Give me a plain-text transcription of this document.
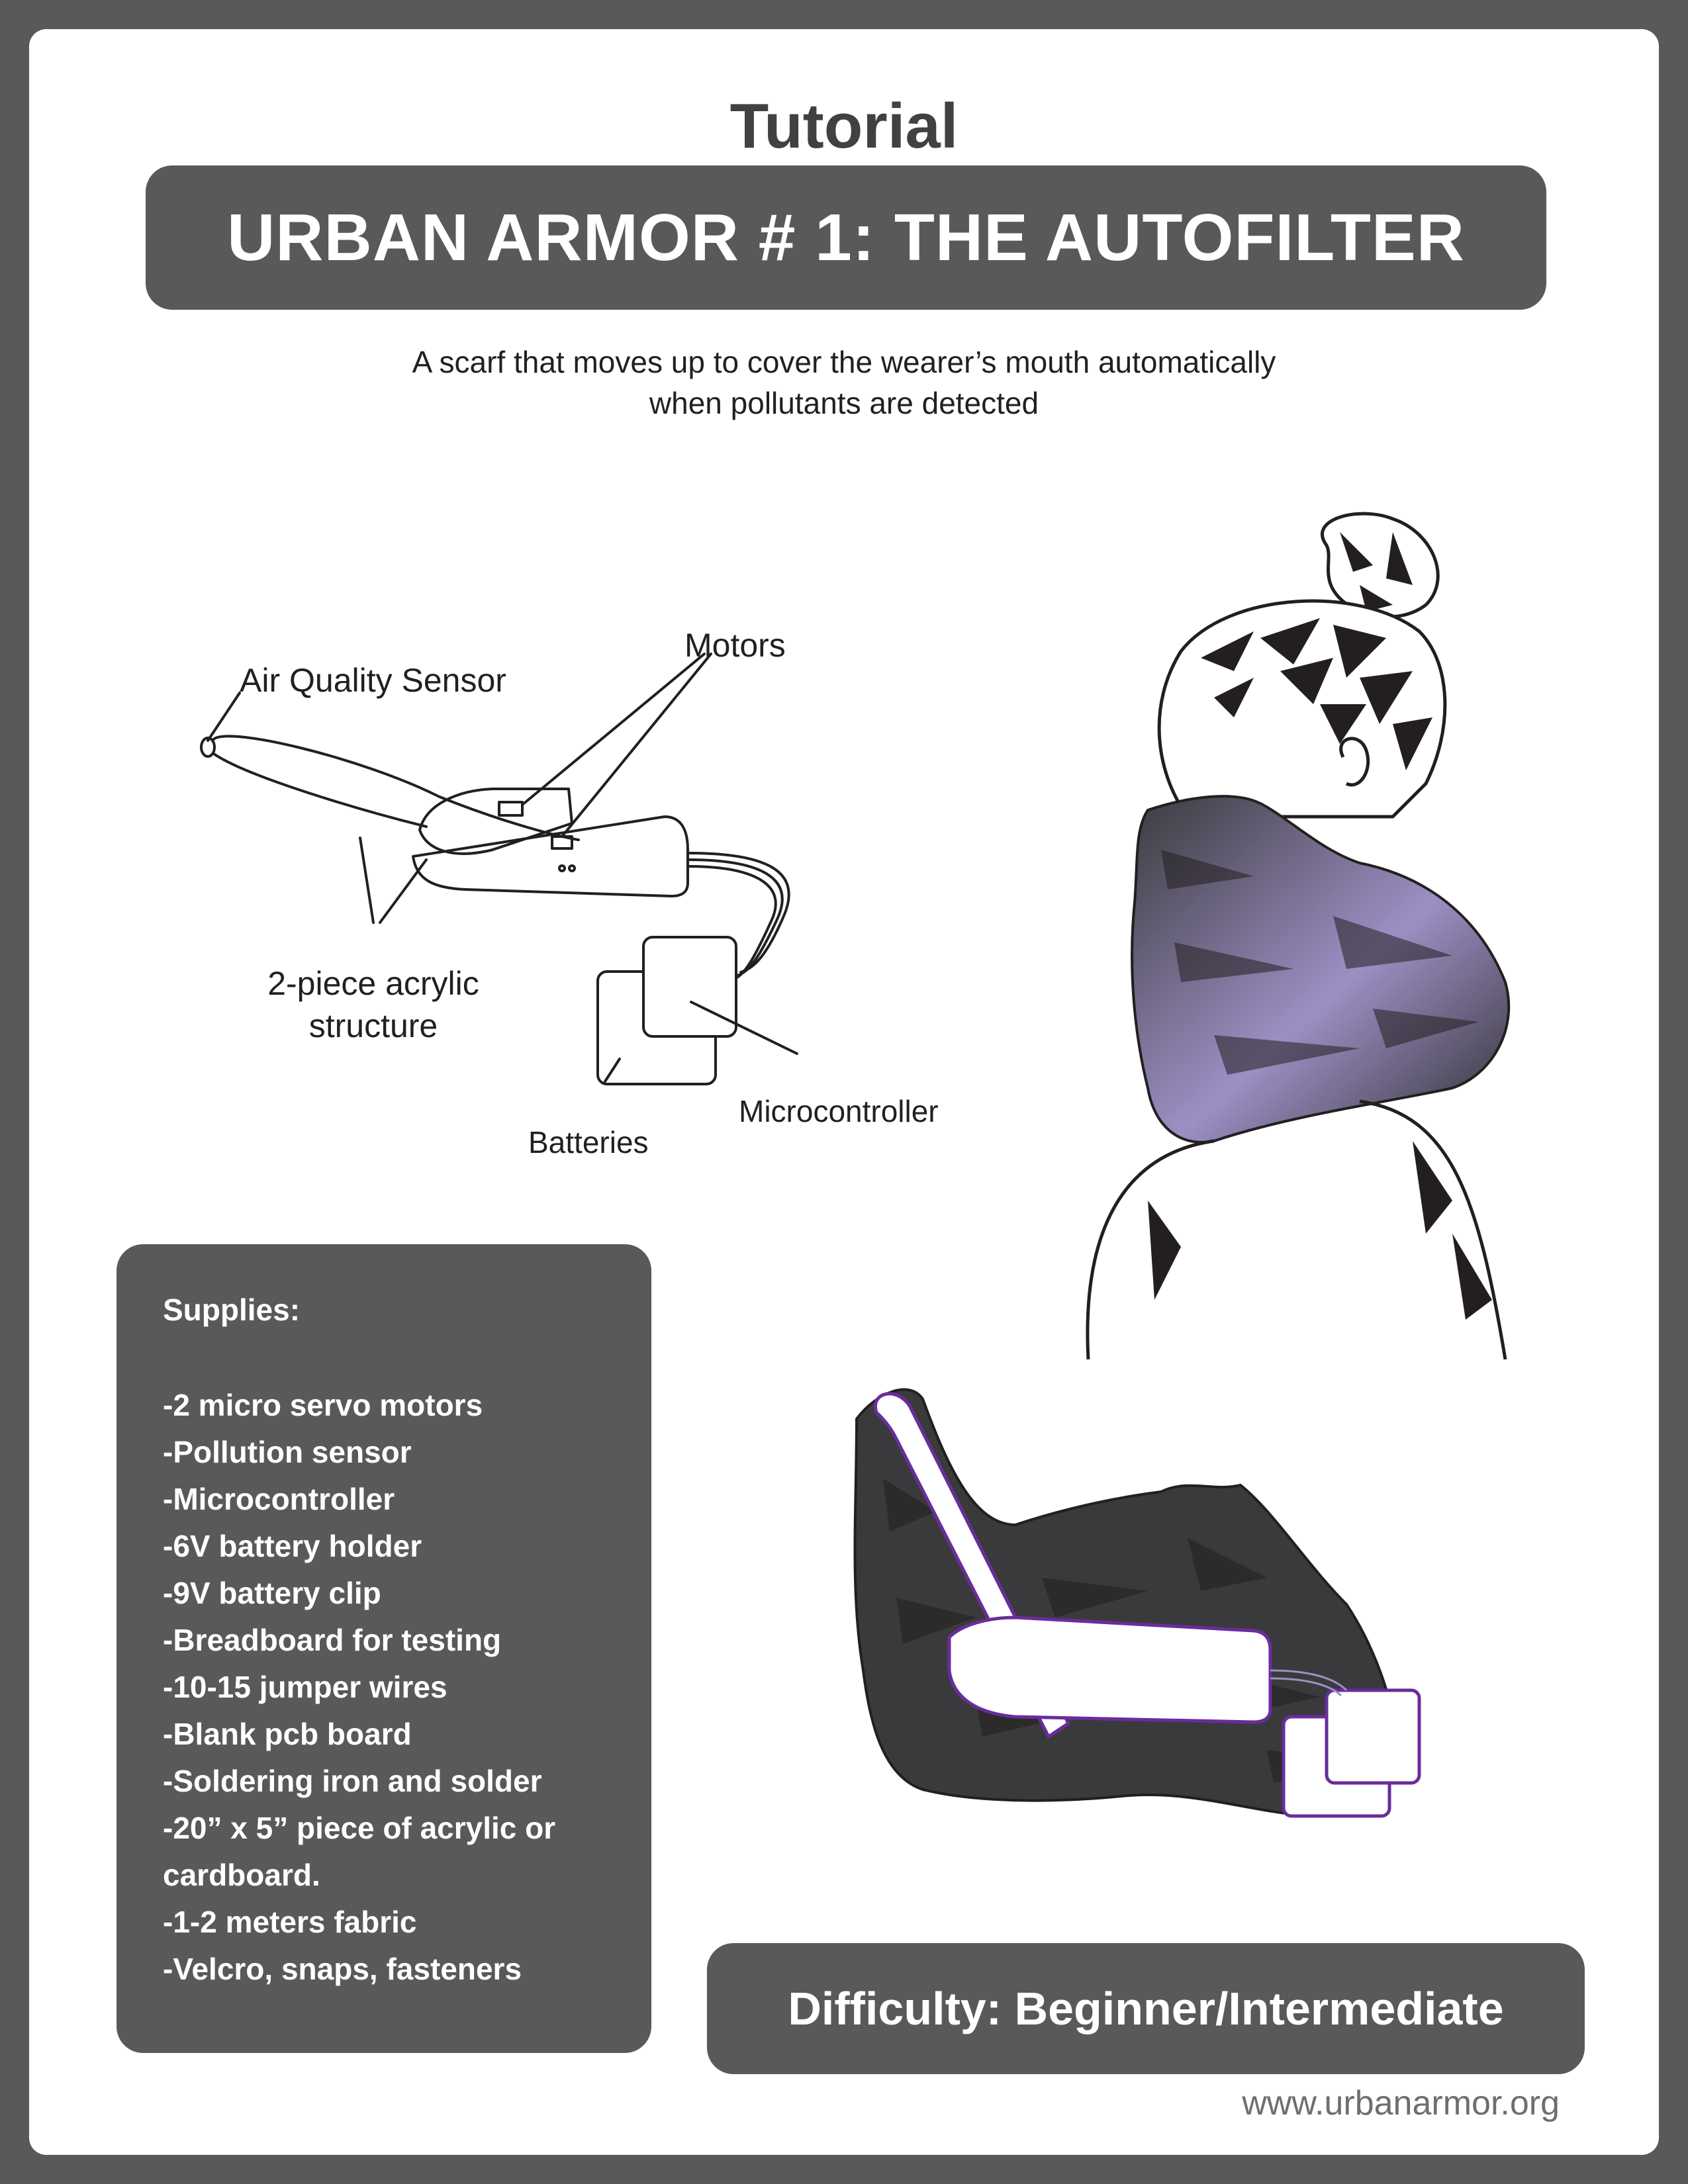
Tutorial
URBAN ARMOR # 1: THE AUTOFILTER
A scarf that moves up to cover the wearer’s mouth automatically
when pollutants are detected
Air Quality Sensor
Motors
2-piece acrylic
structure
Microcontroller
Batteries
Supplies:
-2 micro servo motors
-Pollution sensor
-Microcontroller
-6V battery holder
-9V battery clip
-Breadboard for testing
-10-15 jumper wires
-Blank pcb board
-Soldering iron and solder
-20” x 5” piece of acrylic or
cardboard.
-1-2 meters fabric
-Velcro, snaps, fasteners
Difficulty: Beginner/Intermediate
www.urbanarmor.org
